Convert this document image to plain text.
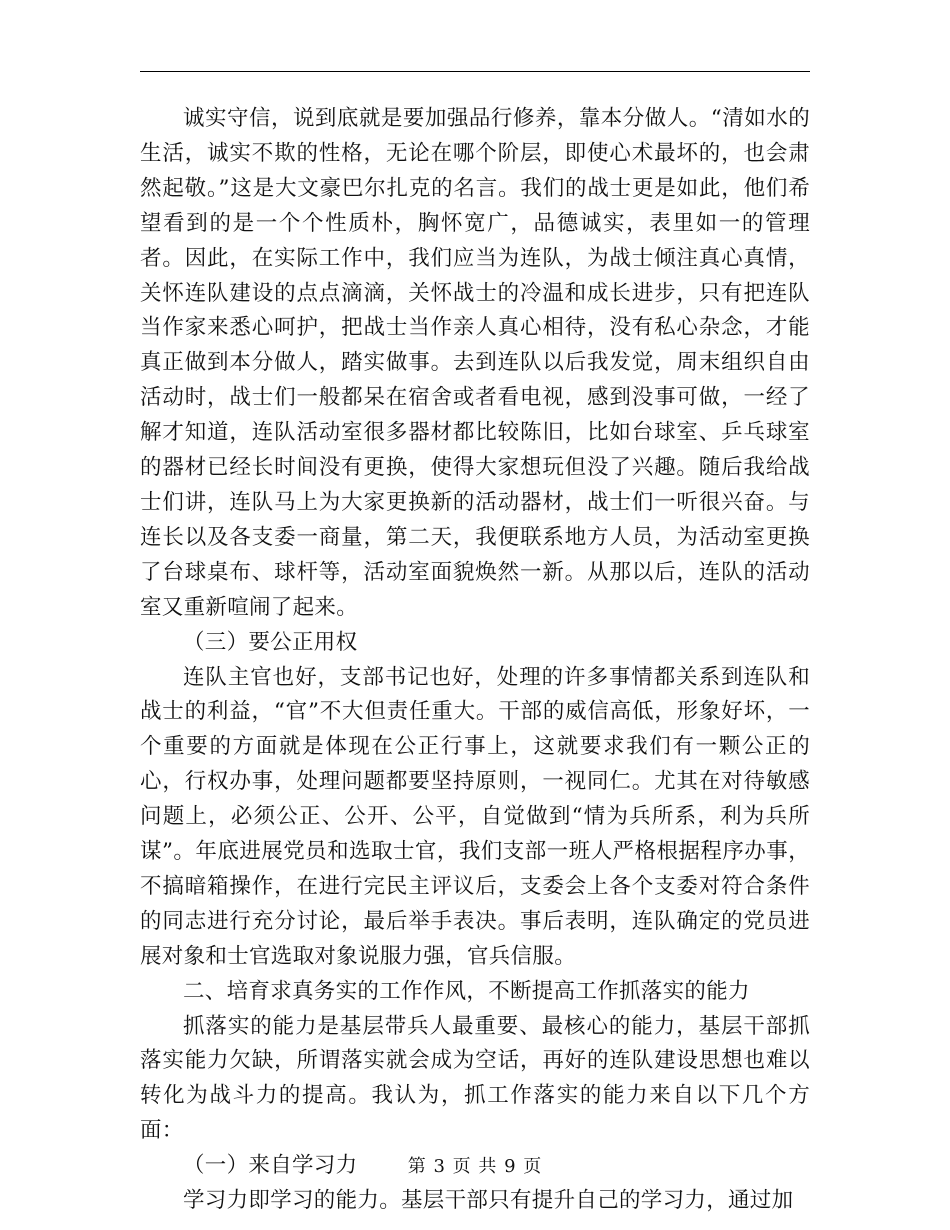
诚实守信，说到底就是要加强品行修养，靠本分做人。“清如水的生活，诚实不欺的性格，无论在哪个阶层，即使心术最坏的，也会肃然起敬。”这是大文豪巴尔扎克的名言。我们的战士更是如此，他们希望看到的是一个个性质朴，胸怀宽广，品德诚实，表里如一的管理者。因此，在实际工作中，我们应当为连队，为战士倾注真心真情，关怀连队建设的点点滴滴，关怀战士的冷温和成长进步，只有把连队当作家来悉心呵护，把战士当作亲人真心相待，没有私心杂念，才能真正做到本分做人，踏实做事。去到连队以后我发觉，周末组织自由活动时，战士们一般都呆在宿舍或者看电视，感到没事可做，一经了解才知道，连队活动室很多器材都比较陈旧，比如台球室、乒乓球室的器材已经长时间没有更换，使得大家想玩但没了兴趣。随后我给战士们讲，连队马上为大家更换新的活动器材，战士们一听很兴奋。与连长以及各支委一商量，第二天，我便联系地方人员，为活动室更换了台球桌布、球杆等，活动室面貌焕然一新。从那以后，连队的活动室又重新喧闹了起来。

（三）要公正用权

连队主官也好，支部书记也好，处理的许多事情都关系到连队和战士的利益，“官”不大但责任重大。干部的威信高低，形象好坏，一个重要的方面就是体现在公正行事上，这就要求我们有一颗公正的心，行权办事，处理问题都要坚持原则，一视同仁。尤其在对待敏感问题上，必须公正、公开、公平，自觉做到“情为兵所系，利为兵所谋”。年底进展党员和选取士官，我们支部一班人严格根据程序办事，不搞暗箱操作，在进行完民主评议后，支委会上各个支委对符合条件的同志进行充分讨论，最后举手表决。事后表明，连队确定的党员进展对象和士官选取对象说服力强，官兵信服。

二、培育求真务实的工作作风，不断提高工作抓落实的能力

抓落实的能力是基层带兵人最重要、最核心的能力，基层干部抓落实能力欠缺，所谓落实就会成为空话，再好的连队建设思想也难以转化为战斗力的提高。我认为，抓工作落实的能力来自以下几个方面：

（一）来自学习力

学习力即学习的能力。基层干部只有提升自己的学习力，通过加

第 3 页 共 9 页
